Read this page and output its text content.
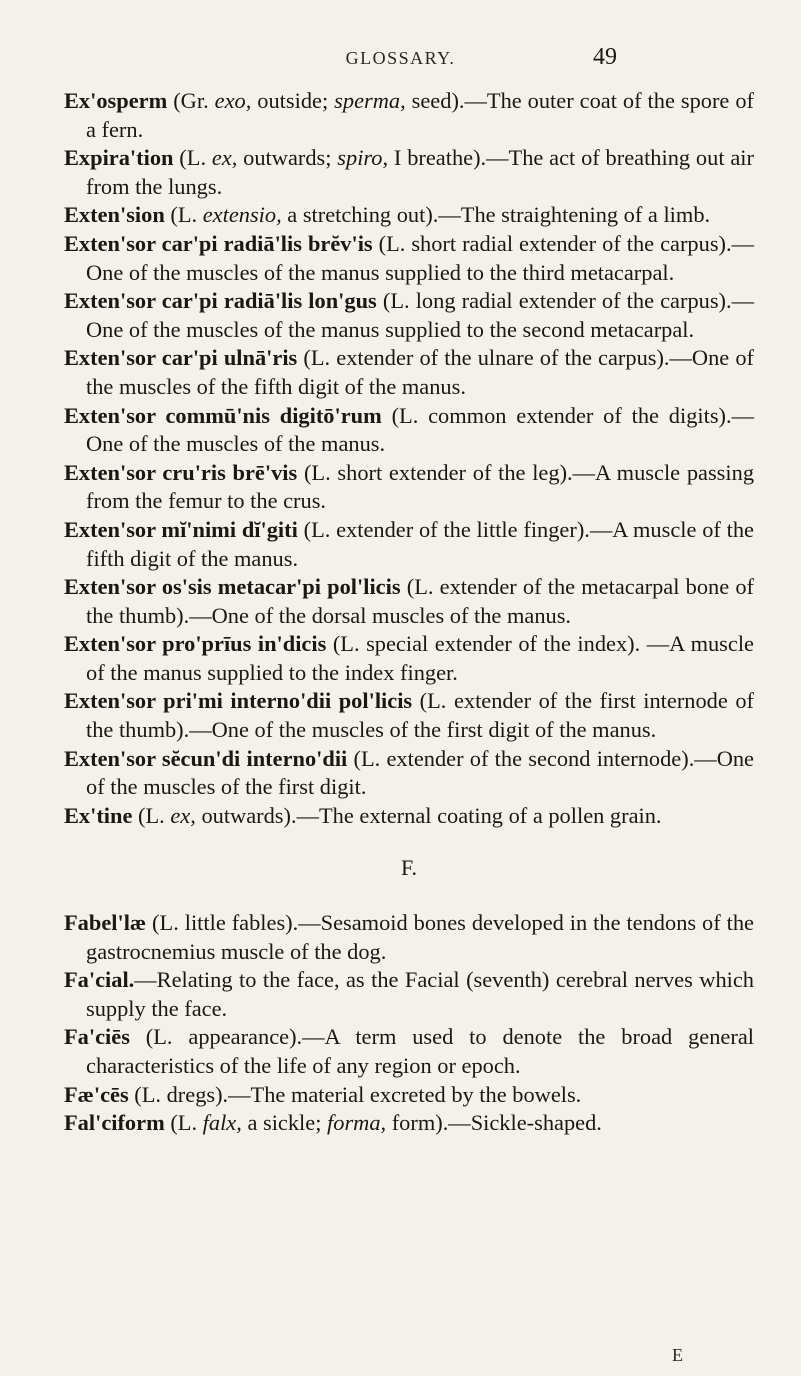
GLOSSARY.	49

Ex'osperm (Gr. exo, outside; sperma, seed).—The outer coat of the spore of a fern.

Expira'tion (L. ex, outwards; spiro, I breathe).—The act of breathing out air from the lungs.

Exten'sion (L. extensio, a stretching out).—The straightening of a limb.

Exten'sor car'pi radiā'lis brĕv'is (L. short radial extender of the carpus).—One of the muscles of the manus supplied to the third metacarpal.

Exten'sor car'pi radiā'lis lon'gus (L. long radial extender of the carpus).—One of the muscles of the manus supplied to the second metacarpal.

Exten'sor car'pi ulnā'ris (L. extender of the ulnare of the carpus).—One of the muscles of the fifth digit of the manus.

Exten'sor commū'nis digitō'rum (L. common extender of the digits).—One of the muscles of the manus.

Exten'sor cru'ris brē'vis (L. short extender of the leg).—A muscle passing from the femur to the crus.

Exten'sor mĭ'nimi dĭ'giti (L. extender of the little finger).—A muscle of the fifth digit of the manus.

Exten'sor os'sis metacar'pi pol'licis (L. extender of the metacarpal bone of the thumb).—One of the dorsal muscles of the manus.

Exten'sor pro'prīus in'dicis (L. special extender of the index). —A muscle of the manus supplied to the index finger.

Exten'sor pri'mi interno'dii pol'licis (L. extender of the first internode of the thumb).—One of the muscles of the first digit of the manus.

Exten'sor sĕcun'di interno'dii (L. extender of the second internode).—One of the muscles of the first digit.

Ex'tine (L. ex, outwards).—The external coating of a pollen grain.

F.

Fabel'læ (L. little fables).—Sesamoid bones developed in the tendons of the gastrocnemius muscle of the dog.

Fa'cial.—Relating to the face, as the Facial (seventh) cerebral nerves which supply the face.

Fa'ciēs (L. appearance).—A term used to denote the broad general characteristics of the life of any region or epoch.

Fæ'cēs (L. dregs).—The material excreted by the bowels.

Fal'ciform (L. falx, a sickle; forma, form).—Sickle-shaped.

E
